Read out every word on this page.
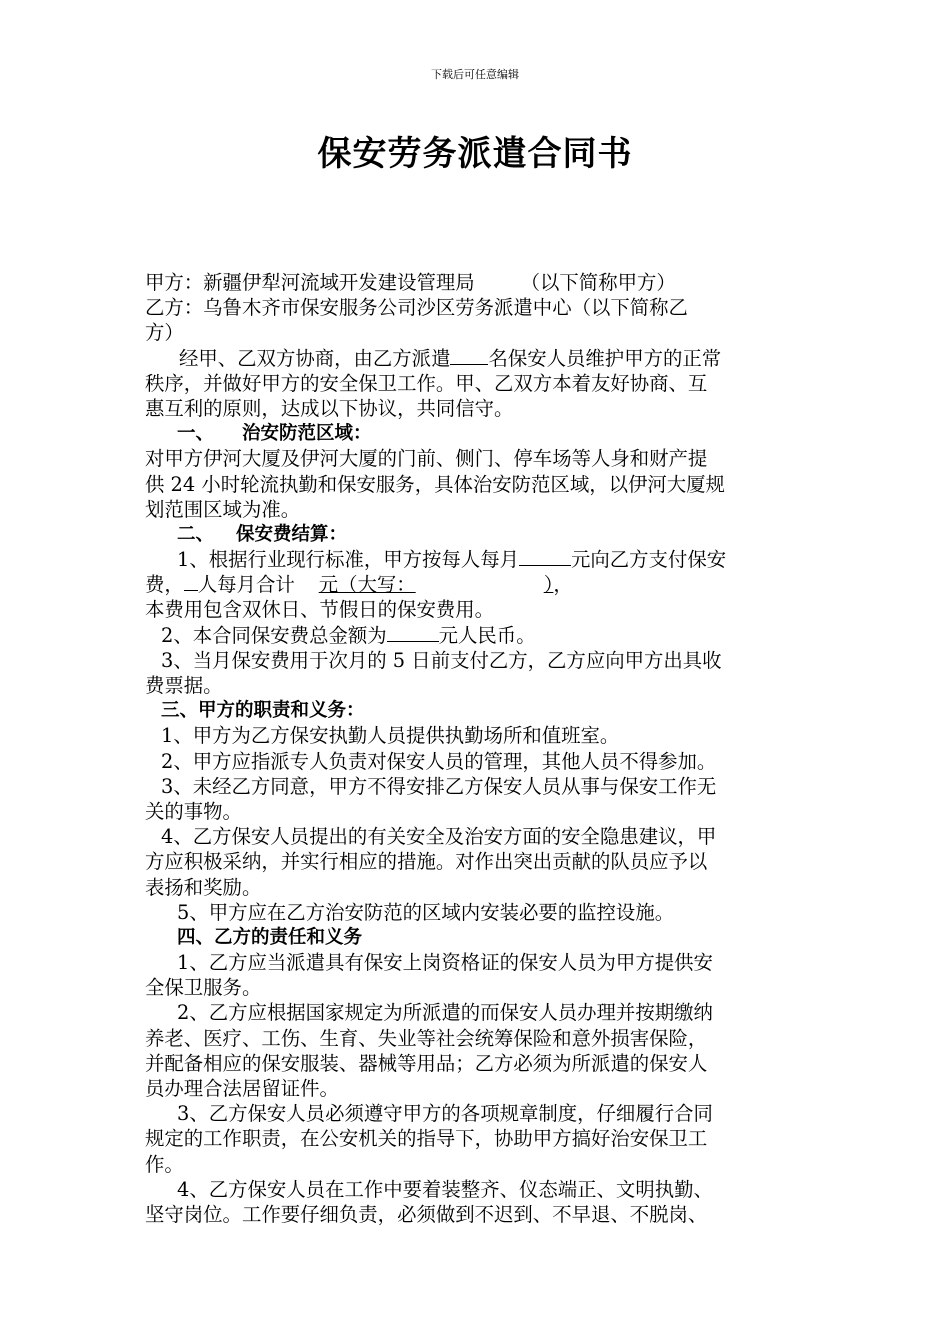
下载后可任意编辑
保安劳务派遣合同书
甲方：新疆伊犁河流域开发建设管理局 （以下简称甲方）
乙方：乌鲁木齐市保安服务公司沙区劳务派遣中心（以下简称乙
方）
经甲、乙双方协商，由乙方派遣 名保安人员维护甲方的正常
秩序，并做好甲方的安全保卫工作。甲、乙双方本着友好协商、互
惠互利的原则，达成以下协议，共同信守。
一、 治安防范区域：
对甲方伊河大厦及伊河大厦的门前、侧门、停车场等人身和财产提
供 24 小时轮流执勤和保安服务，具体治安防范区域，以伊河大厦规
划范围区域为准。
二、 保安费结算：
1、根据行业现行标准，甲方按每人每月	元向乙方支付保安
费， 人每月合计 元（大写：	），
本费用包含双休日、节假日的保安费用。
2、本合同保安费总金额为	元人民币。
3、当月保安费用于次月的 5 日前支付乙方，乙方应向甲方出具收
费票据。
三、甲方的职责和义务：
1、甲方为乙方保安执勤人员提供执勤场所和值班室。
2、甲方应指派专人负责对保安人员的管理，其他人员不得参加。
3、未经乙方同意，甲方不得安排乙方保安人员从事与保安工作无
关的事物。
4、乙方保安人员提出的有关安全及治安方面的安全隐患建议，甲
方应积极采纳，并实行相应的措施。对作出突出贡献的队员应予以
表扬和奖励。
5、甲方应在乙方治安防范的区域内安装必要的监控设施。
四、乙方的责任和义务
1、乙方应当派遣具有保安上岗资格证的保安人员为甲方提供安
全保卫服务。
2、乙方应根据国家规定为所派遣的而保安人员办理并按期缴纳
养老、医疗、工伤、生育、失业等社会统筹保险和意外损害保险，
并配备相应的保安服装、器械等用品；乙方必须为所派遣的保安人
员办理合法居留证件。
3、乙方保安人员必须遵守甲方的各项规章制度，仔细履行合同
规定的工作职责，在公安机关的指导下，协助甲方搞好治安保卫工
作。
4、乙方保安人员在工作中要着装整齐、仪态端正、文明执勤、
坚守岗位。工作要仔细负责，必须做到不迟到、不早退、不脱岗、
